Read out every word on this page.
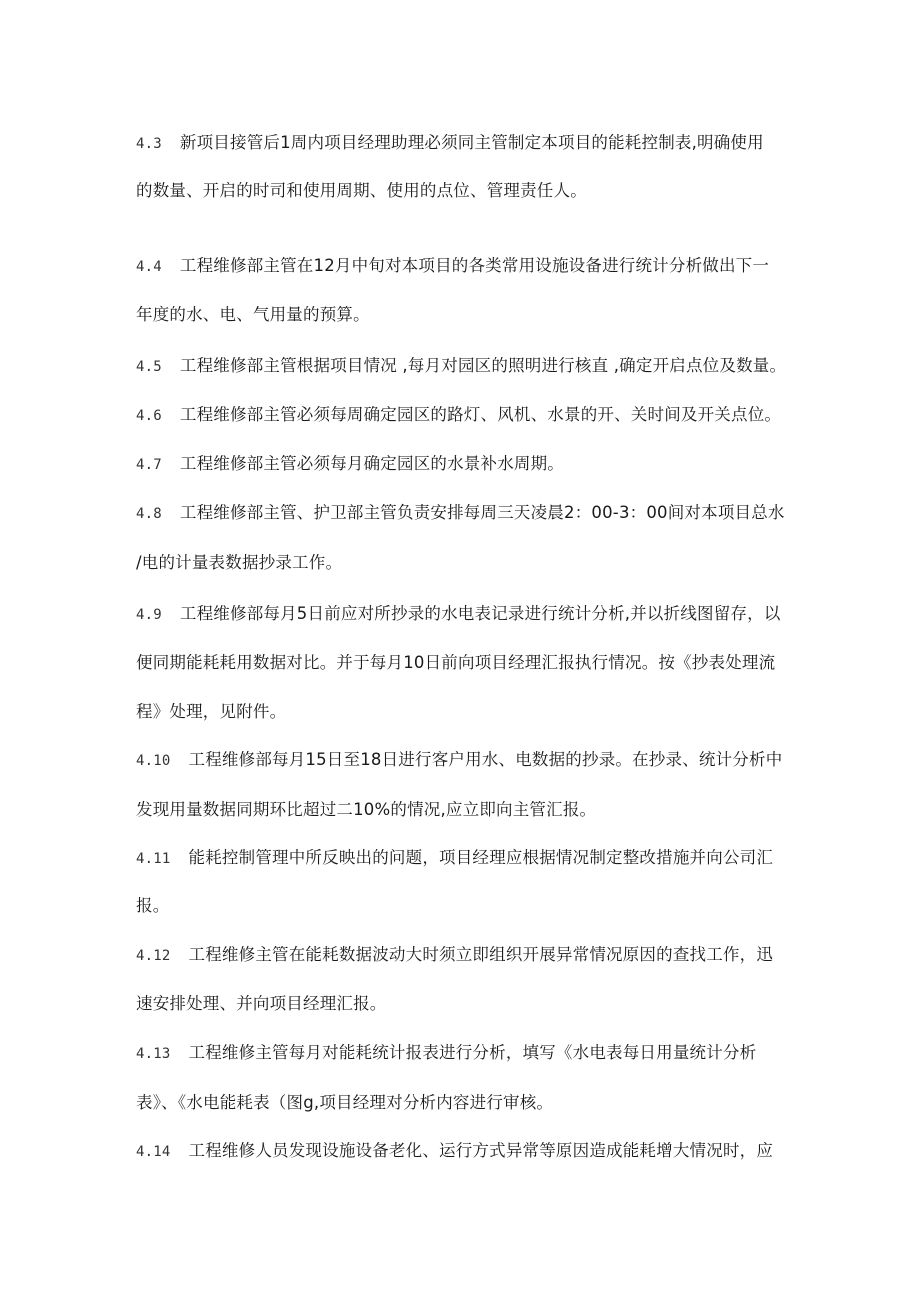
4.3 新项目接管后1周内项目经理助理必须同主管制定本项目的能耗控制表,明确使用
的数量、开启的时司和使用周期、使用的点位、管理责任人。
4.4 工程维修部主管在12月中旬对本项目的各类常用设施设备进行统计分析做出下一
年度的水、电、气用量的预算。
4.5 工程维修部主管根据项目情况 ,每月对园区的照明进行核直 ,确定开启点位及数量。
4.6 工程维修部主管必须每周确定园区的路灯、风机、水景的开、关时间及开关点位。
4.7 工程维修部主管必须每月确定园区的水景补水周期。
4.8 工程维修部主管、护卫部主管负责安排每周三天凌晨2：00-3：00间对本项目总水
/电的计量表数据抄录工作。
4.9 工程维修部每月5日前应对所抄录的水电表记录进行统计分析,并以折线图留存，以
便同期能耗耗用数据对比。并于每月10日前向项目经理汇报执行情况。按《抄表处理流
程》处理，见附件。
4.10 工程维修部每月15日至18日进行客户用水、电数据的抄录。在抄录、统计分析中
发现用量数据同期环比超过二10%的情况,应立即向主管汇报。
4.11 能耗控制管理中所反映出的问题，项目经理应根据情况制定整改措施并向公司汇
报。
4.12 工程维修主管在能耗数据波动大时须立即组织开展异常情况原因的查找工作，迅
速安排处理、并向项目经理汇报。
4.13 工程维修主管每月对能耗统计报表进行分析，填写《水电表每日用量统计分析
表》、《水电能耗表（图g,项目经理对分析内容进行审核。
4.14 工程维修人员发现设施设备老化、运行方式异常等原因造成能耗增大情况时，应
